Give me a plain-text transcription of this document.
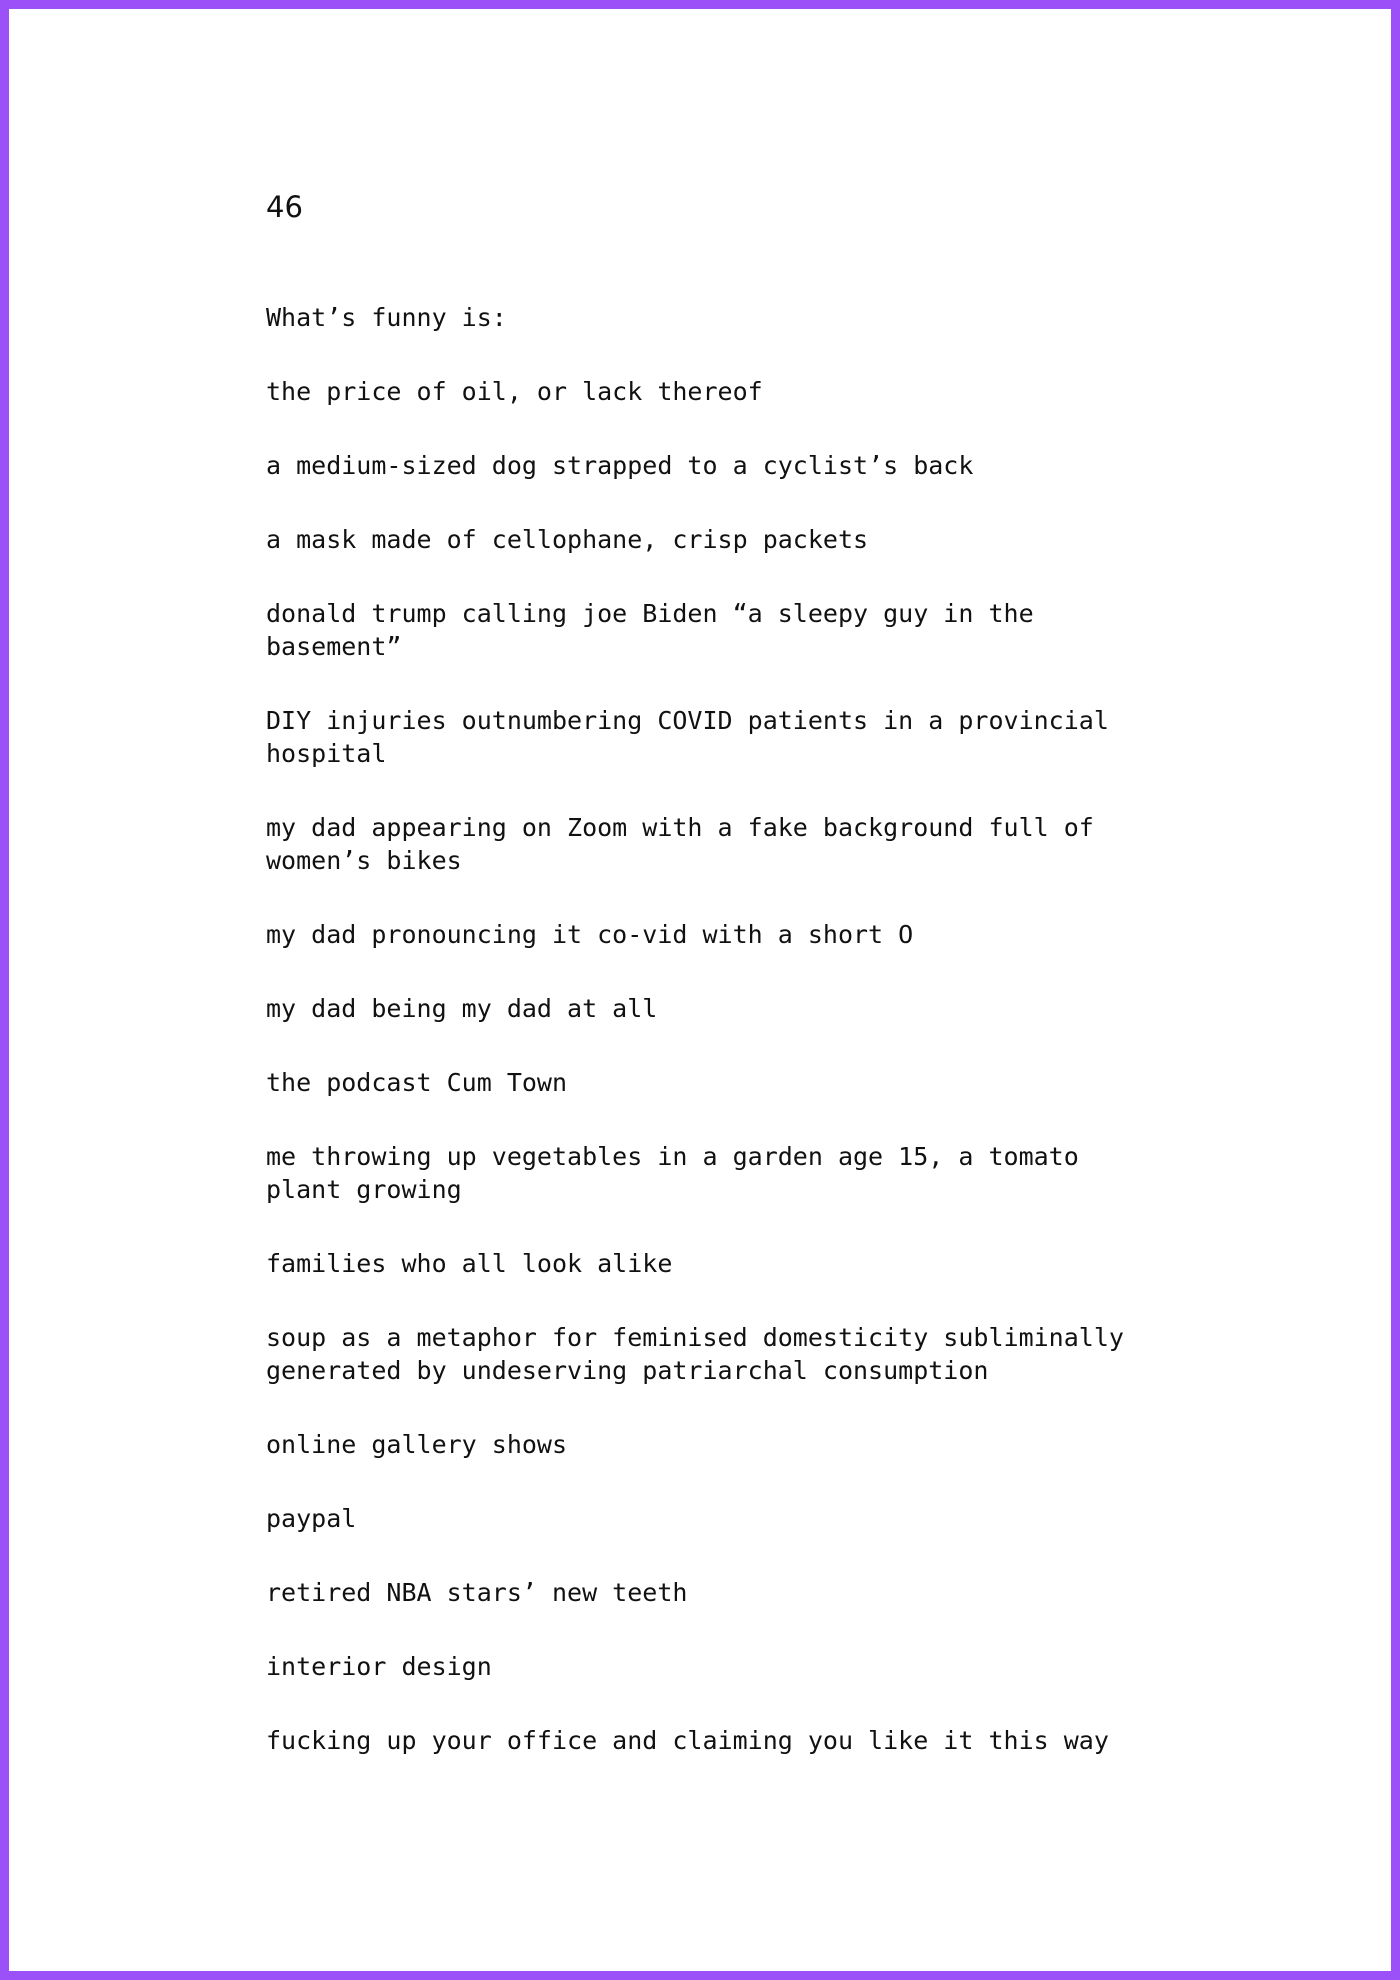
46

What’s funny is:

the price of oil, or lack thereof

a medium-sized dog strapped to a cyclist’s back

a mask made of cellophane, crisp packets

donald trump calling joe Biden “a sleepy guy in the basement”

DIY injuries outnumbering COVID patients in a provincial hospital

my dad appearing on Zoom with a fake background full of women’s bikes

my dad pronouncing it co-vid with a short O

my dad being my dad at all

the podcast Cum Town

me throwing up vegetables in a garden age 15, a tomato plant growing

families who all look alike

soup as a metaphor for feminised domesticity subliminally generated by undeserving patriarchal consumption

online gallery shows

paypal

retired NBA stars’ new teeth

interior design

fucking up your office and claiming you like it this way
